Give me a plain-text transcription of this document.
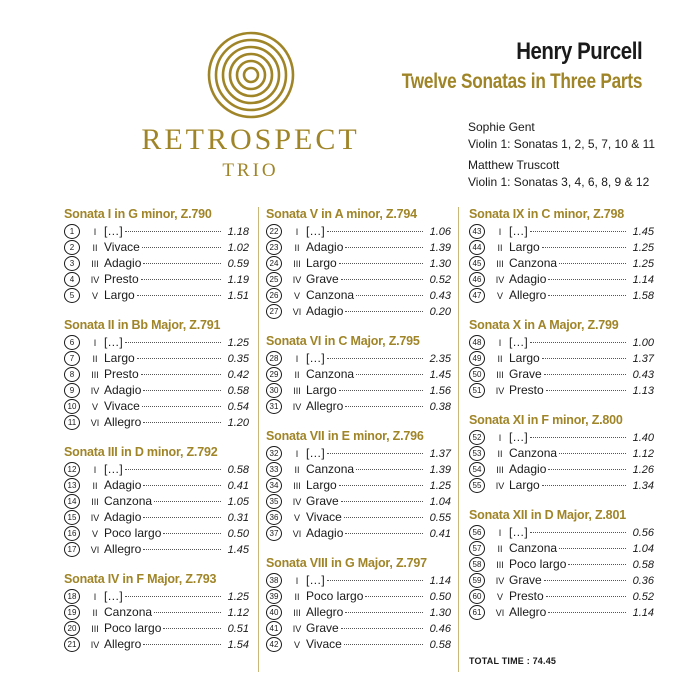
RETROSPECT
TRIO
Henry Purcell
Twelve Sonatas in Three Parts
Sophie Gent
Violin 1: Sonatas 1, 2, 5, 7, 10 & 11
Matthew Truscott
Violin 1: Sonatas 3, 4, 6, 8, 9 & 12
Sonata I in G minor, Z.790
1	I […]	1.18
2	II Vivace	1.02
3	III Adagio	0.59
4	IV Presto	1.19
5	V Largo	1.51
Sonata II in Bb Major, Z.791
6	I […]	1.25
7	II Largo	0.35
8	III Presto	0.42
9	IV Adagio	0.58
10	V Vivace	0.54
11	VI Allegro	1.20
Sonata III in D minor, Z.792
12	I […]	0.58
13	II Adagio	0.41
14	III Canzona	1.05
15	IV Adagio	0.31
16	V Poco largo	0.50
17	VI Allegro	1.45
Sonata IV in F Major, Z.793
18	I […]	1.25
19	II Canzona	1.12
20	III Poco largo	0.51
21	IV Allegro	1.54
Sonata V in A minor, Z.794
22	I […]	1.06
23	II Adagio	1.39
24	III Largo	1.30
25	IV Grave	0.52
26	V Canzona	0.43
27	VI Adagio	0.20
Sonata VI in C Major, Z.795
28	I […]	2.35
29	II Canzona	1.45
30	III Largo	1.56
31	IV Allegro	0.38
Sonata VII in E minor, Z.796
32	I […]	1.37
33	II Canzona	1.39
34	III Largo	1.25
35	IV Grave	1.04
36	V Vivace	0.55
37	VI Adagio	0.41
Sonata VIII in G Major, Z.797
38	I […]	1.14
39	II Poco largo	0.50
40	III Allegro	1.30
41	IV Grave	0.46
42	V Vivace	0.58
Sonata IX in C minor, Z.798
43	I […]	1.45
44	II Largo	1.25
45	III Canzona	1.25
46	IV Adagio	1.14
47	V Allegro	1.58
Sonata X in A Major, Z.799
48	I […]	1.00
49	II Largo	1.37
50	III Grave	0.43
51	IV Presto	1.13
Sonata XI in F minor, Z.800
52	I […]	1.40
53	II Canzona	1.12
54	III Adagio	1.26
55	IV Largo	1.34
Sonata XII in D Major, Z.801
56	I […]	0.56
57	II Canzona	1.04
58	III Poco largo	0.58
59	IV Grave	0.36
60	V Presto	0.52
61	VI Allegro	1.14
TOTAL TIME : 74.45
